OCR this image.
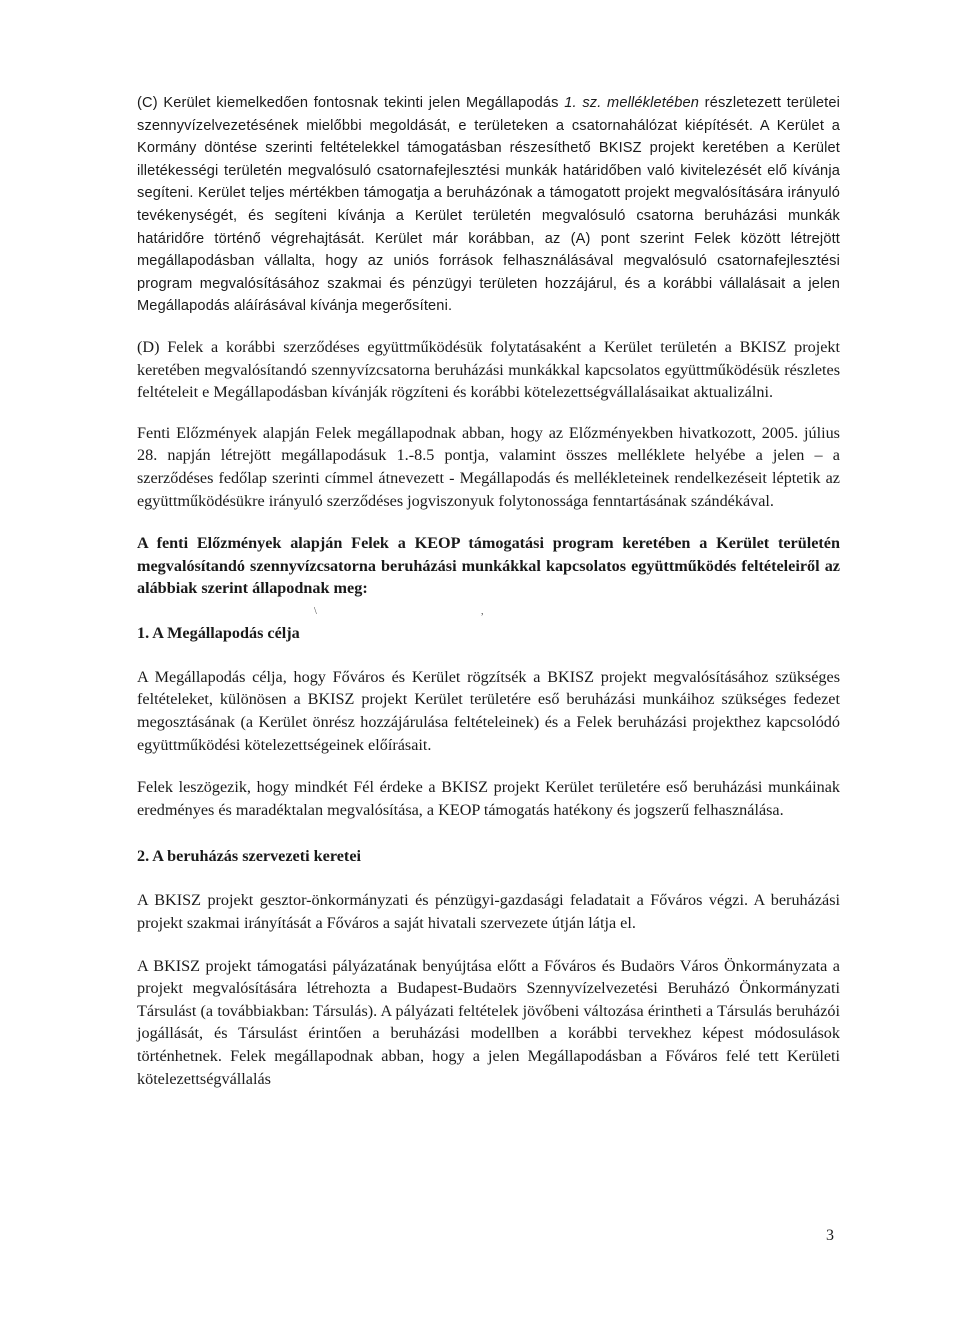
(C) Kerület kiemelkedően fontosnak tekinti jelen Megállapodás 1. sz. mellékletében részletezett területei szennyvízelvezetésének mielőbbi megoldását, e területeken a csatornahálózat kiépítését. A Kerület a Kormány döntése szerinti feltételekkel támogatásban részesíthető BKISZ projekt keretében a Kerület illetékességi területén megvalósuló csatornafejlesztési munkák határidőben való kivitelezését elő kívánja segíteni. Kerület teljes mértékben támogatja a beruházónak a támogatott projekt megvalósítására irányuló tevékenységét, és segíteni kívánja a Kerület területén megvalósuló csatorna beruházási munkák határidőre történő végrehajtását. Kerület már korábban, az (A) pont szerint Felek között létrejött megállapodásban vállalta, hogy az uniós források felhasználásával megvalósuló csatornafejlesztési program megvalósításához szakmai és pénzügyi területen hozzájárul, és a korábbi vállalásait a jelen Megállapodás aláírásával kívánja megerősíteni.

(D) Felek a korábbi szerződéses együttműködésük folytatásaként a Kerület területén a BKISZ projekt keretében megvalósítandó szennyvízcsatorna beruházási munkákkal kapcsolatos együttműködésük részletes feltételeit e Megállapodásban kívánják rögzíteni és korábbi kötelezettségvállalásaikat aktualizálni.

Fenti Előzmények alapján Felek megállapodnak abban, hogy az Előzményekben hivatkozott, 2005. július 28. napján létrejött megállapodásuk 1.-8.5 pontja, valamint összes melléklete helyébe a jelen – a szerződéses fedőlap szerinti címmel átnevezett - Megállapodás és mellékleteinek rendelkezéseit léptetik az együttműködésükre irányuló szerződéses jogviszonyuk folytonossága fenntartásának szándékával.

A fenti Előzmények alapján Felek a KEOP támogatási program keretében a Kerület területén megvalósítandó szennyvízcsatorna beruházási munkákkal kapcsolatos együttműködés feltételeiről az alábbiak szerint állapodnak meg:

\	,
1. A Megállapodás célja

A Megállapodás célja, hogy Főváros és Kerület rögzítsék a BKISZ projekt megvalósításához szükséges feltételeket, különösen a BKISZ projekt Kerület területére eső beruházási munkáihoz szükséges fedezet megosztásának (a Kerület önrész hozzájárulása feltételeinek) és a Felek beruházási projekthez kapcsolódó együttműködési kötelezettségeinek előírásait.

Felek leszögezik, hogy mindkét Fél érdeke a BKISZ projekt Kerület területére eső beruházási munkáinak eredményes és maradéktalan megvalósítása, a KEOP támogatás hatékony és jogszerű felhasználása.

2. A beruházás szervezeti keretei

A BKISZ projekt gesztor-önkormányzati és pénzügyi-gazdasági feladatait a Főváros végzi. A beruházási projekt szakmai irányítását a Főváros a saját hivatali szervezete útján látja el.

A BKISZ projekt támogatási pályázatának benyújtása előtt a Főváros és Budaörs Város Önkormányzata a projekt megvalósítására létrehozta a Budapest-Budaörs Szennyvízelvezetési Beruházó Önkormányzati Társulást (a továbbiakban: Társulás). A pályázati feltételek jövőbeni változása érintheti a Társulás beruházói jogállását, és Társulást érintően a beruházási modellben a korábbi tervekhez képest módosulások történhetnek. Felek megállapodnak abban, hogy a jelen Megállapodásban a Főváros felé tett Kerületi kötelezettségvállalás

3
